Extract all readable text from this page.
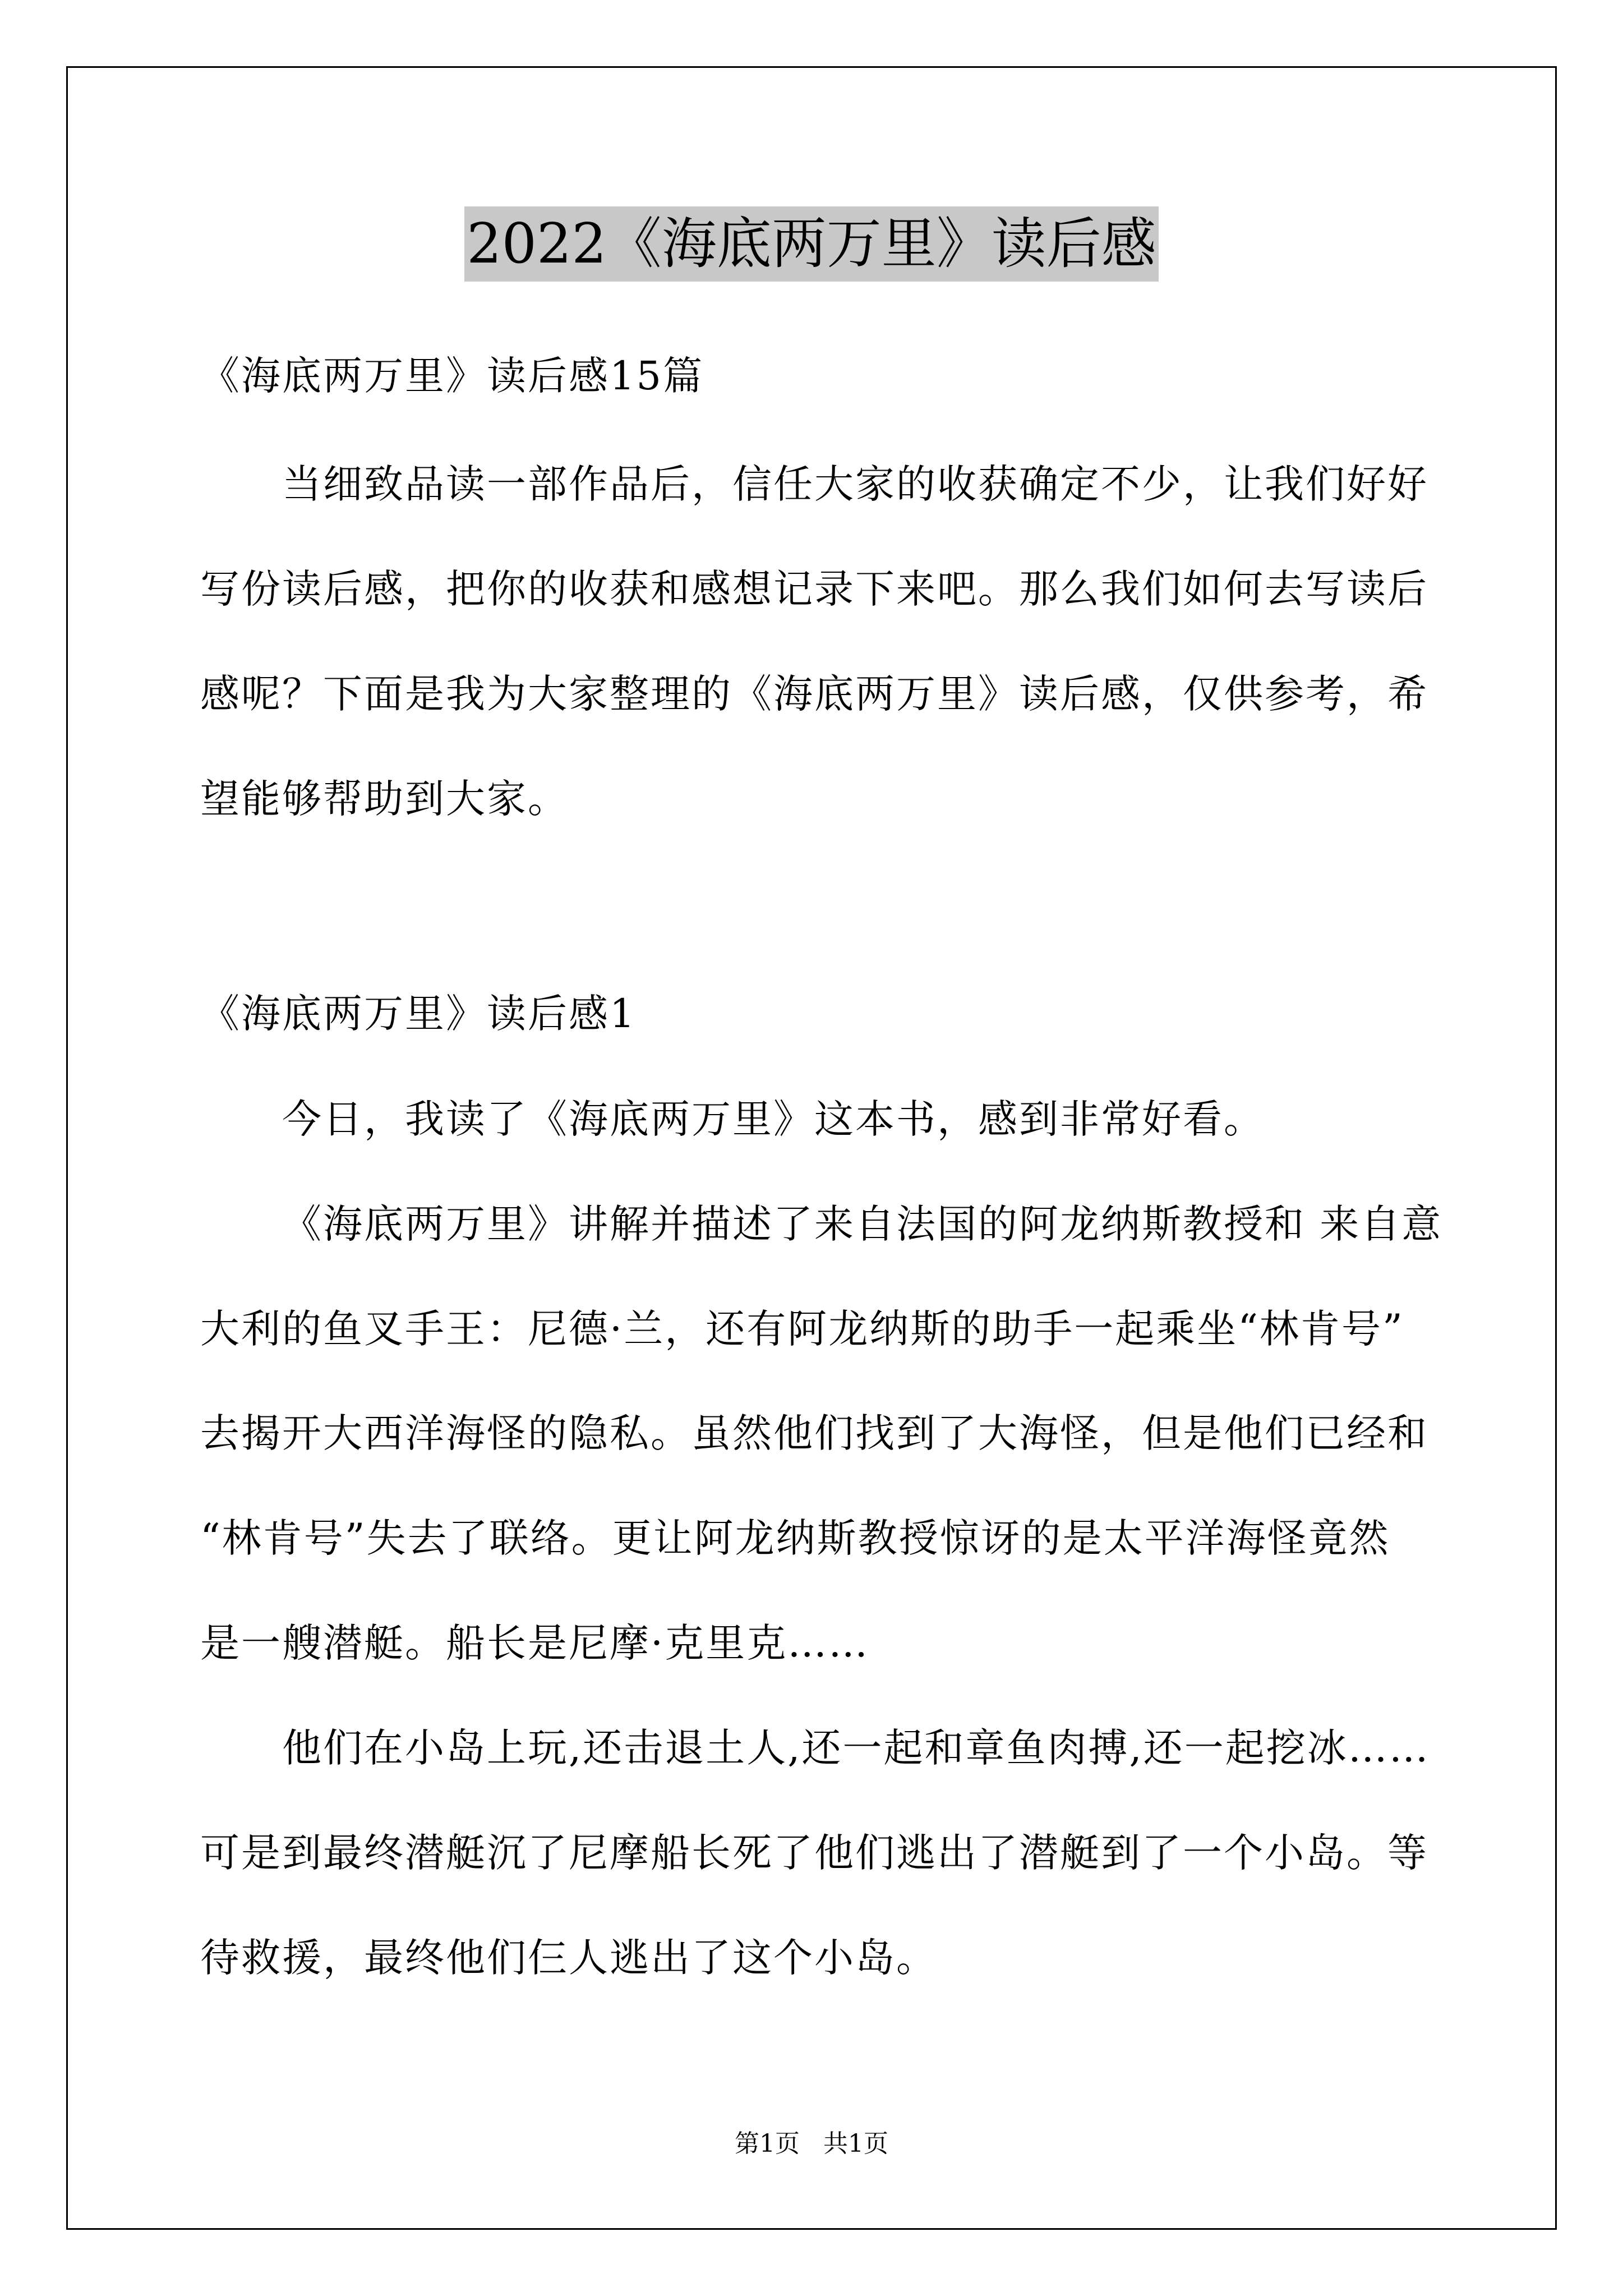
2022《海底两万里》读后感
《海底两万里》读后感15篇
当细致品读一部作品后，信任大家的收获确定不少，让我们好好
写份读后感，把你的收获和感想记录下来吧。那么我们如何去写读后
感呢？下面是我为大家整理的《海底两万里》读后感，仅供参考，希
望能够帮助到大家。
《海底两万里》读后感1
今日，我读了《海底两万里》这本书，感到非常好看。
《海底两万里》讲解并描述了来自法国的阿龙纳斯教授和 来自意
大利的鱼叉手王：尼德·兰，还有阿龙纳斯的助手一起乘坐“林肯号”
去揭开大西洋海怪的隐私。虽然他们找到了大海怪，但是他们已经和
“林肯号”失去了联络。更让阿龙纳斯教授惊讶的是太平洋海怪竟然
是一艘潜艇。船长是尼摩·克里克……
他们在小岛上玩,还击退土人,还一起和章鱼肉搏,还一起挖冰……
可是到最终潜艇沉了尼摩船长死了他们逃出了潜艇到了一个小岛。等
待救援，最终他们仨人逃出了这个小岛。
第1页   共1页
